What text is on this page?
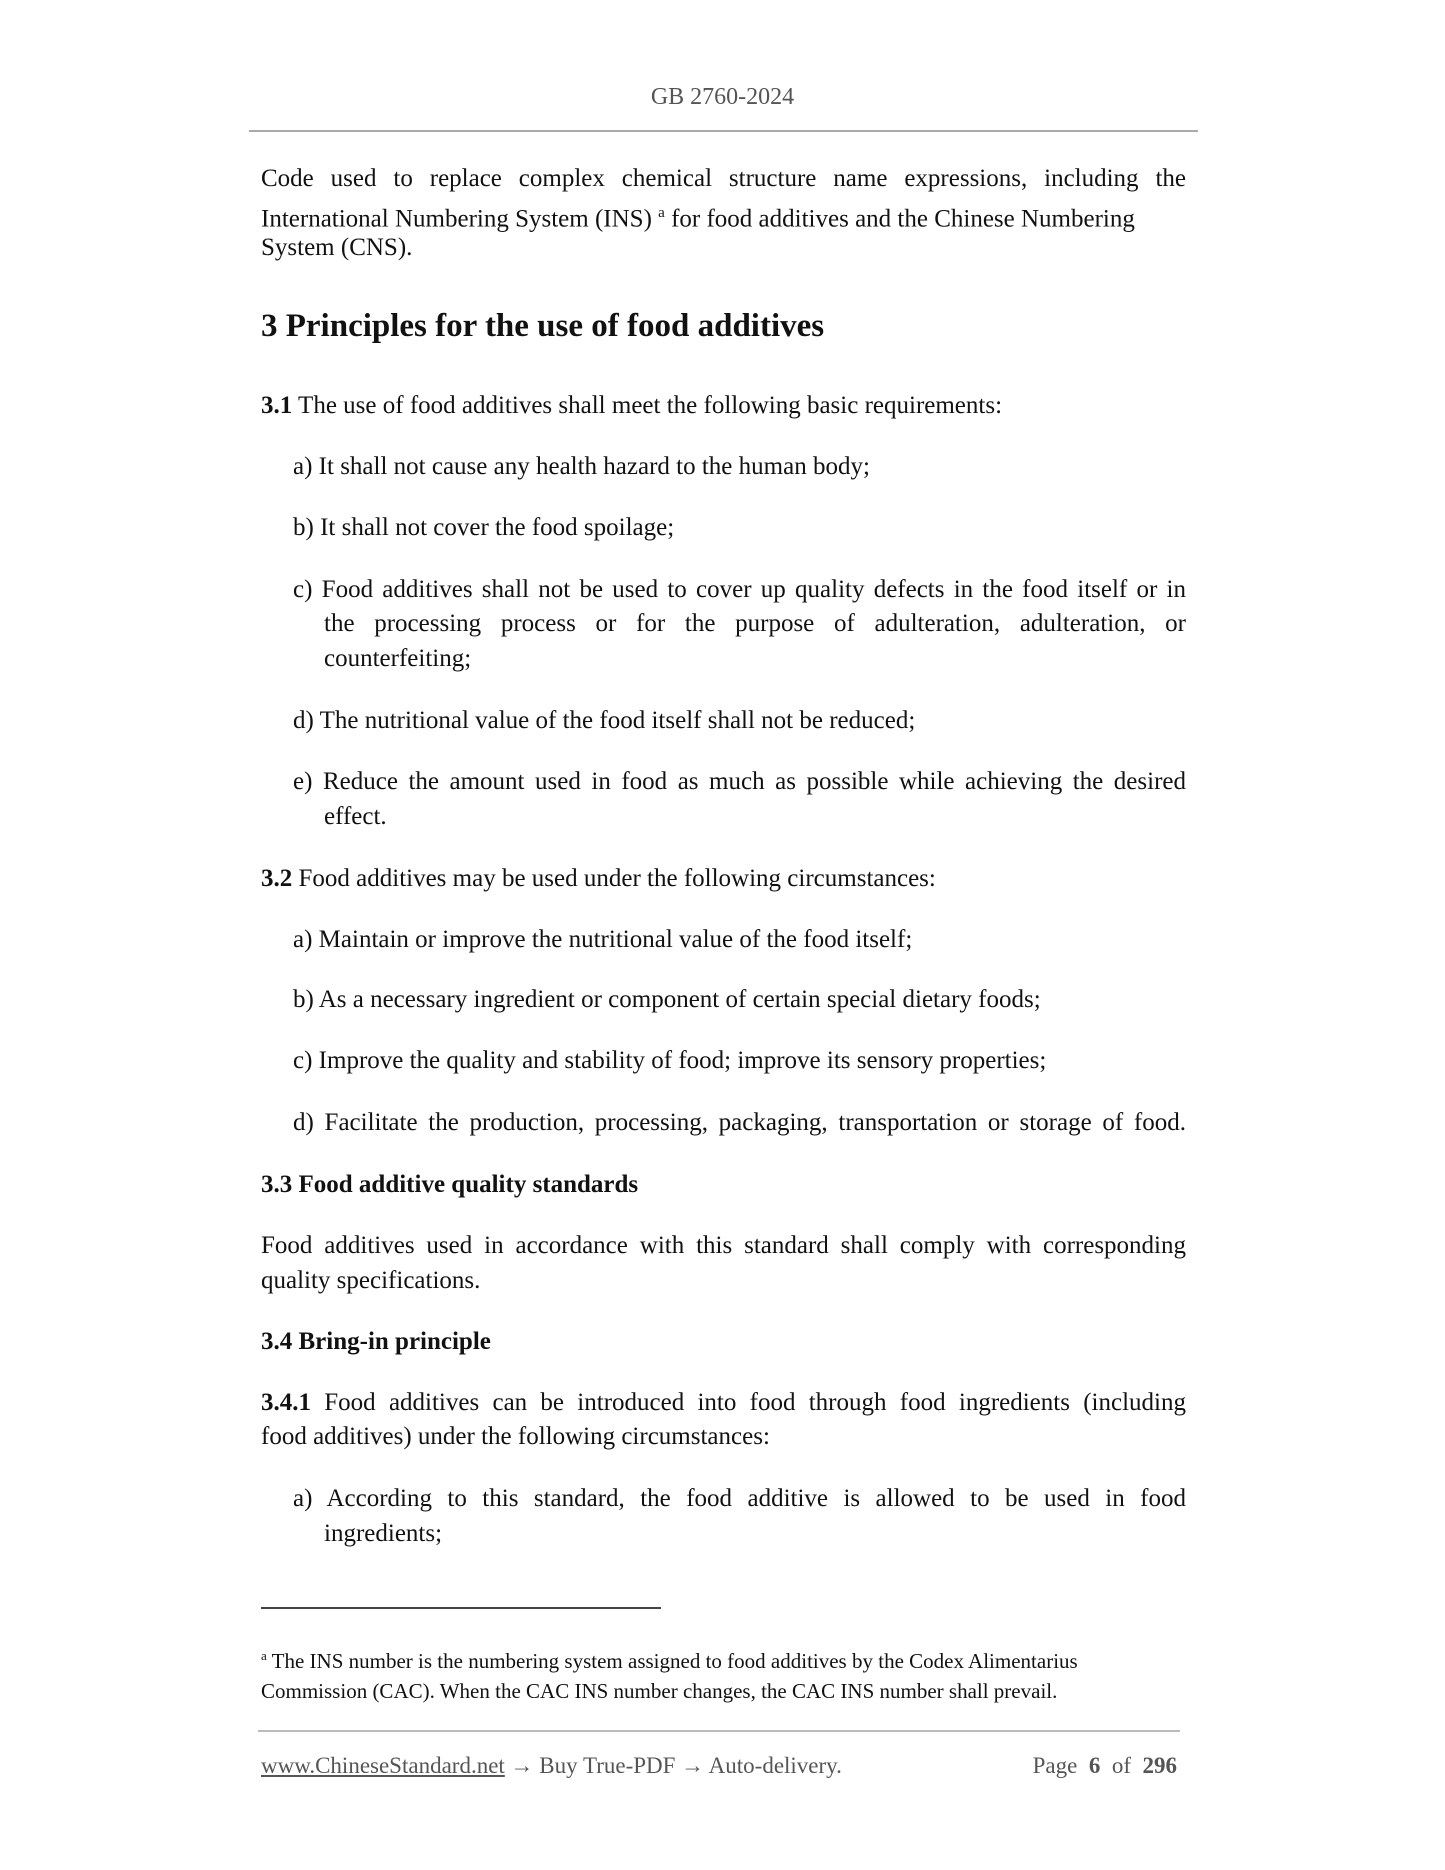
GB 2760-2024
Code used to replace complex chemical structure name expressions, including the
International Numbering System (INS) $^a$ for food additives and the Chinese Numbering
System (CNS).
3 Principles for the use of food additives
3.1 The use of food additives shall meet the following basic requirements:
a) It shall not cause any health hazard to the human body;
b) It shall not cover the food spoilage;
c) Food additives shall not be used to cover up quality defects in the food itself or in
the processing process or for the purpose of adulteration, adulteration, or
counterfeiting;
d) The nutritional value of the food itself shall not be reduced;
e) Reduce the amount used in food as much as possible while achieving the desired
effect.
3.2 Food additives may be used under the following circumstances:
a) Maintain or improve the nutritional value of the food itself;
b) As a necessary ingredient or component of certain special dietary foods;
c) Improve the quality and stability of food; improve its sensory properties;
d) Facilitate the production, processing, packaging, transportation or storage of food.
3.3 Food additive quality standards
Food additives used in accordance with this standard shall comply with corresponding
quality specifications.
3.4 Bring-in principle
3.4.1 Food additives can be introduced into food through food ingredients (including
food additives) under the following circumstances:
a) According to this standard, the food additive is allowed to be used in food
ingredients;
$^a$ The INS number is the numbering system assigned to food additives by the Codex Alimentarius
Commission (CAC). When the CAC INS number changes, the CAC INS number shall prevail.
www.ChineseStandard.net → Buy True-PDF → Auto-delivery.	Page 6 of 296
